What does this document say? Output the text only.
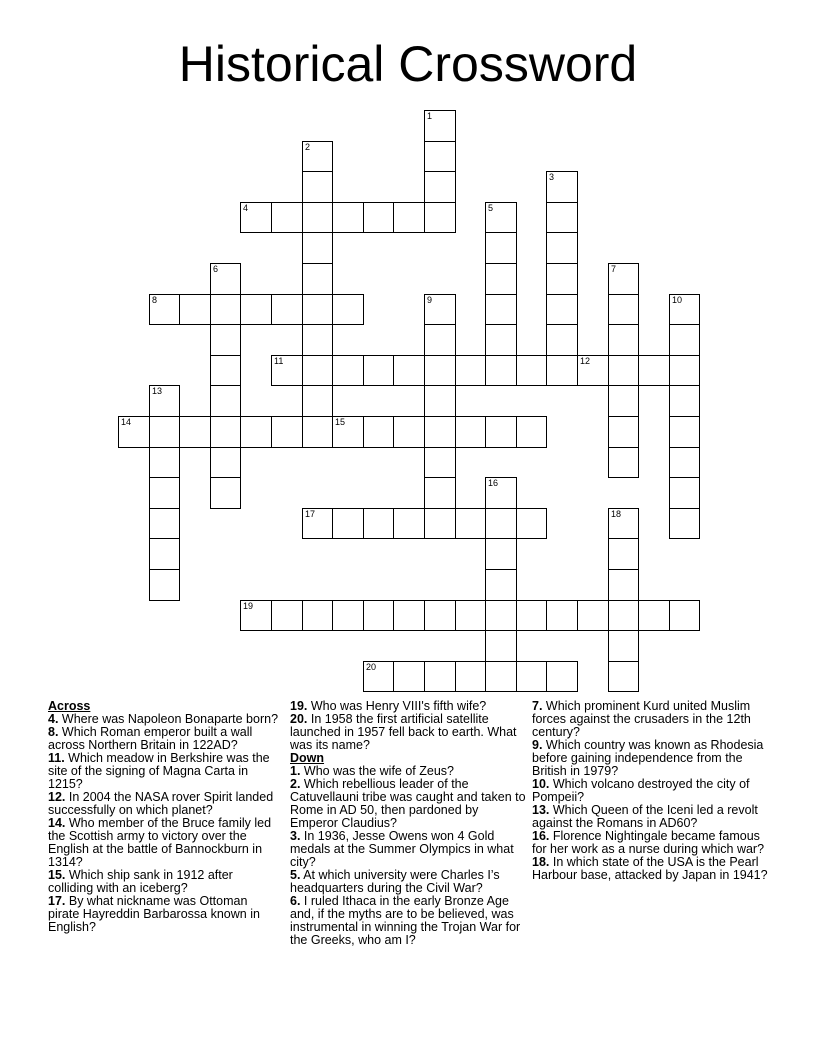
Historical Crossword
1
2
3
4	5
6	7
8	9	10
11	12
13
14	15
16
17	18
19
20

Across

4. Where was Napoleon Bonaparte born?

8. Which Roman emperor built a wall across Northern Britain in 122AD?

11. Which meadow in Berkshire was the site of the signing of Magna Carta in 1215?

12. In 2004 the NASA rover Spirit landed successfully on which planet?

14. Who member of the Bruce family led the Scottish army to victory over the English at the battle of Bannockburn in 1314?

15. Which ship sank in 1912 after colliding with an iceberg?

17. By what nickname was Ottoman pirate Hayreddin Barbarossa known in English?

19. Who was Henry VIII's fifth wife?

20. In 1958 the first artificial satellite launched in 1957 fell back to earth. What was its name?

Down

1. Who was the wife of Zeus?

2. Which rebellious leader of the Catuvellauni tribe was caught and taken to Rome in AD 50, then pardoned by Emperor Claudius?

3. In 1936, Jesse Owens won 4 Gold medals at the Summer Olympics in what city?

5. At which university were Charles I’s headquarters during the Civil War?

6. I ruled Ithaca in the early Bronze Age and, if the myths are to be believed, was instrumental in winning the Trojan War for the Greeks, who am I?

7. Which prominent Kurd united Muslim forces against the crusaders in the 12th century?

9. Which country was known as Rhodesia before gaining independence from the British in 1979?

10. Which volcano destroyed the city of Pompeii?

13. Which Queen of the Iceni led a revolt against the Romans in AD60?

16. Florence Nightingale became famous for her work as a nurse during which war?

18. In which state of the USA is the Pearl Harbour base, attacked by Japan in 1941?
